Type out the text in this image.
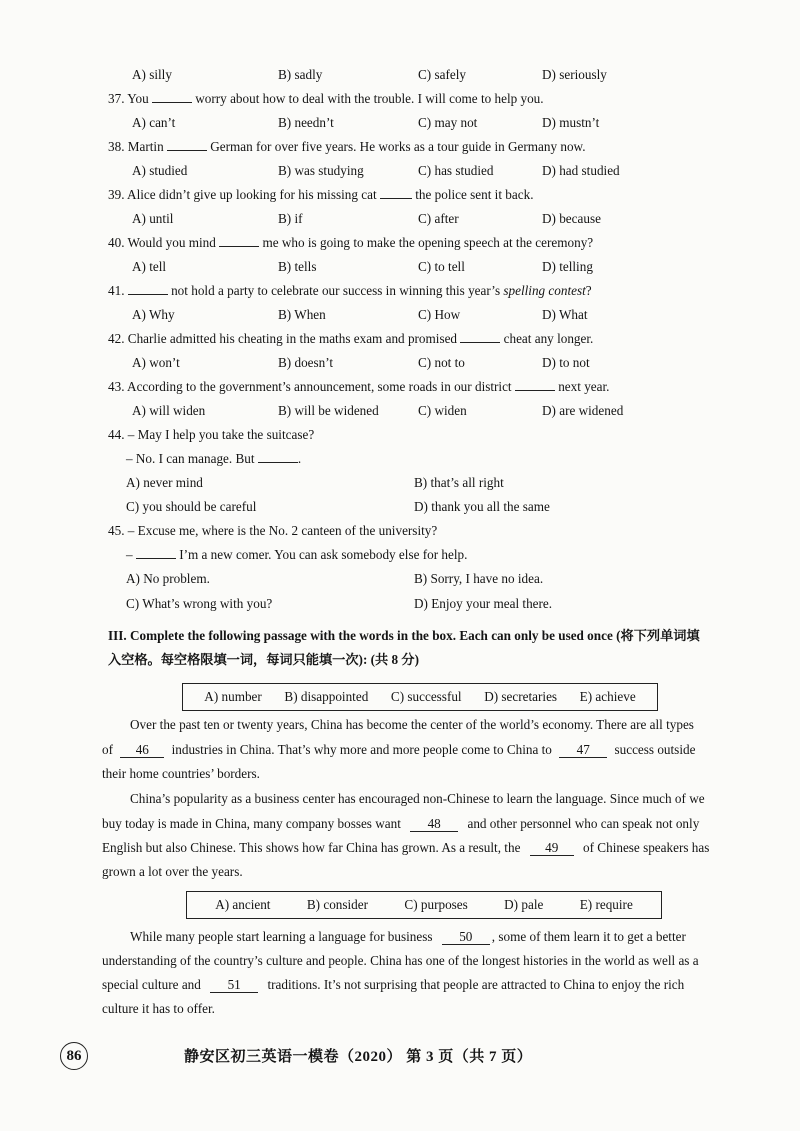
A) silly	B) sadly	C) safely	D) seriously
37. You	worry about how to deal with the trouble. I will come to help you.
A) can’t	B) needn’t	C) may not	D) mustn’t
38. Martin	German for over five years. He works as a tour guide in Germany now.
A) studied	B) was studying	C) has studied	D) had studied
39. Alice didn’t give up looking for his missing cat	the police sent it back.
A) until	B) if	C) after	D) because
40. Would you mind	me who is going to make the opening speech at the ceremony?
A) tell	B) tells	C) to tell	D) telling
41.	not hold a party to celebrate our success in winning this year’s spelling contest?
A) Why	B) When	C) How	D) What
42. Charlie admitted his cheating in the maths exam and promised	cheat any longer.
A) won’t	B) doesn’t	C) not to	D) to not
43. According to the government’s announcement, some roads in our district	next year.
A) will widen	B) will be widened	C) widen	D) are widened
44. – May I help you take the suitcase?
– No. I can manage. But	.
A) never mind	B) that’s all right
C) you should be careful	D) thank you all the same
45. – Excuse me, where is the No. 2 canteen of the university?
–	I’m a new comer. You can ask somebody else for help.
A) No problem.	B) Sorry, I have no idea.
C) What’s wrong with you?	D) Enjoy your meal there.
III. Complete the following passage with the words in the box. Each can only be used once (将下列单词填
入空格。每空格限填一词，每词只能填一次): (共 8 分)
A) number B) disappointed C) successful D) secretaries E) achieve
Over the past ten or twenty years, China has become the center of the world’s economy. There are all types
of 46 industries in China. That’s why more and more people come to China to 47 success outside
their home countries’ borders.
China’s popularity as a business center has encouraged non-Chinese to learn the language. Since much of we
buy today is made in China, many company bosses want 48 and other personnel who can speak not only
English but also Chinese. This shows how far China has grown. As a result, the 49 of Chinese speakers has
grown a lot over the years.
A) ancient	B) consider	C) purposes	D) pale	E) require
While many people start learning a language for business 50 , some of them learn it to get a better
understanding of the country’s culture and people. China has one of the longest histories in the world as well as a
special culture and 51 traditions. It’s not surprising that people are attracted to China to enjoy the rich
culture it has to offer.
86	静安区初三英语一模卷（2020） 第 3 页（共 7 页）
